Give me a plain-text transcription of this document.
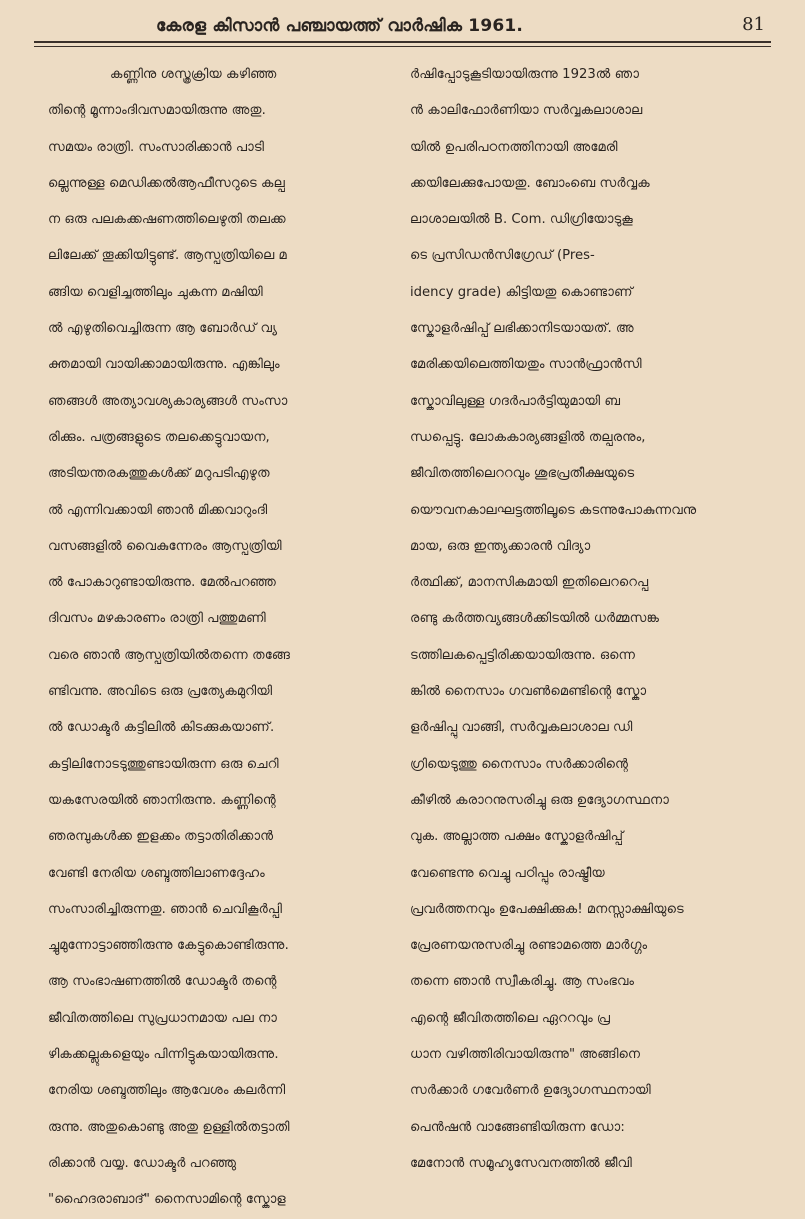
കേരള കിസാൻ പഞ്ചായത്ത് വാർഷിക 1961.	81
കണ്ണിനു ശസ്ത്രക്രിയ കഴിഞ്ഞ
തിന്റെ മൂന്നാംദിവസമായിരുന്നു അതു.
സമയം രാത്രി. സംസാരിക്കാൻ പാടി
ല്ലെന്നുള്ള മെഡിക്കൽആഫീസറുടെ കല്പ
ന ഒരു പലകക്കഷണത്തിലെഴുതി തലക്ക
ലിലേക്ക് തൂക്കിയിട്ടുണ്ട്. ആസ്പത്രിയിലെ മ
ങ്ങിയ വെളിച്ചത്തിലും ചുകന്ന മഷിയി
ൽ എഴുതിവെച്ചിരുന്ന ആ ബോർഡ് വ്യ
ക്തമായി വായിക്കാമായിരുന്നു. എങ്കിലും
ഞങ്ങൾ അത്യാവശ്യകാര്യങ്ങൾ സംസാ
രിക്കും. പത്രങ്ങളുടെ തലക്കെട്ടുവായന,
അടിയന്തരകത്തുകൾക്ക് മറുപടിഎഴുത
ൽ എന്നിവക്കായി ഞാൻ മിക്കവാറുംദി
വസങ്ങളിൽ വൈകുന്നേരം ആസ്പത്രിയി
ൽ പോകാറുണ്ടായിരുന്നു. മേൽപറഞ്ഞ
ദിവസം മഴകാരണം രാത്രി പത്തുമണി
വരെ ഞാൻ ആസ്പത്രിയിൽതന്നെ തങ്ങേ
ണ്ടിവന്നു. അവിടെ ഒരു പ്രത്യേകമുറിയി
ൽ ഡോക്ടർ കട്ടിലിൽ കിടക്കുകയാണ്.
കട്ടിലിനോടടുത്തുണ്ടായിരുന്ന ഒരു ചെറി
യകസേരയിൽ ഞാനിരുന്നു. കണ്ണിന്റെ
ഞരമ്പുകൾക്ക ഇളക്കം തട്ടാതിരിക്കാൻ
വേണ്ടി നേരിയ ശബ്ദത്തിലാണദ്ദേഹം
സംസാരിച്ചിരുന്നതു. ഞാൻ ചെവികൂർപ്പി
ച്ചുമുന്നോട്ടാഞ്ഞിരുന്നു കേട്ടുകൊണ്ടിരുന്നു.
ആ സംഭാഷണത്തിൽ ഡോക്ടർ തന്റെ
ജീവിതത്തിലെ സുപ്രധാനമായ പല നാ
ഴികക്കല്ലുകളെയും പിന്നിട്ടുകയായിരുന്നു.
നേരിയ ശബ്ദത്തിലും ആവേശം കലർന്നി
രുന്നു. അതുകൊണ്ടു അതു ഉള്ളിൽതട്ടാതി
രിക്കാൻ വയ്യ. ഡോക്ടർ പറഞ്ഞു
"ഹൈദരാബാദ്" നൈസാമിന്റെ സ്കോള
ർഷിപ്പോടുകൂടിയായിരുന്നു 1923ൽ ഞാ
ൻ കാലിഫോർണിയാ സർവ്വകലാശാല
യിൽ ഉപരിപഠനത്തിനായി അമേരി
ക്കയിലേക്കുപോയതു. ബോംബെ സർവ്വക
ലാശാലയിൽ B. Com. ഡിഗ്രിയോടുകൂ
ടെ പ്രസിഡൻസിഗ്രേഡ് (Pres-
idency grade) കിട്ടിയതു കൊണ്ടാണ്
സ്കോളർഷിപ്പ് ലഭിക്കാനിടയായത്. അ
മേരിക്കയിലെത്തിയതും സാൻഫ്രാൻസി
സ്കോവിലുള്ള ഗദർപാർട്ടിയുമായി ബ
ന്ധപ്പെട്ടു. ലോകകാര്യങ്ങളിൽ തല്പരനും,
ജീവിതത്തിലെററവും ശുഭപ്രതീക്ഷയുടെ
യൌവനകാലഘട്ടത്തിലൂടെ കടന്നുപോകുന്നവനു
മായ, ഒരു ഇന്ത്യക്കാരൻ വിദ്യാ
ർത്ഥിക്ക്, മാനസികമായി ഇതിലെററെപ്പ
രണ്ടു കർത്തവ്യങ്ങൾക്കിടയിൽ ധർമ്മസങ്ക
ടത്തിലകപ്പെട്ടിരിക്കയായിരുന്നു. ഒന്നെ
ങ്കിൽ നൈസാം ഗവൺമെണ്ടിന്റെ സ്കോ
ളർഷിപ്പു വാങ്ങി, സർവ്വകലാശാല ഡി
ഗ്രിയെടുത്തു നൈസാം സർക്കാരിന്റെ
കീഴിൽ കരാറനുസരിച്ചു ഒരു ഉദ്യോഗസ്ഥനാ
വുക. അല്ലാത്ത പക്ഷം സ്കോളർഷിപ്പ്
വേണ്ടെന്നു വെച്ചു പഠിപ്പും രാഷ്ട്രീയ
പ്രവർത്തനവും ഉപേക്ഷിക്കുക! മനസ്സാക്ഷിയുടെ
പ്രേരണയനുസരിച്ചു രണ്ടാമത്തെ മാർഗ്ഗം
തന്നെ ഞാൻ സ്വീകരിച്ചു. ആ സംഭവം
എന്റെ ജീവിതത്തിലെ ഏററവും പ്ര
ധാന വഴിത്തിരിവായിരുന്നു" അങ്ങിനെ
സർക്കാർ ഗവേർണർ ഉദ്യോഗസ്ഥനായി
പെൻഷൻ വാങ്ങേണ്ടിയിരുന്ന ഡോ:
മേനോൻ സമൂഹ്യസേവനത്തിൽ ജീവി
